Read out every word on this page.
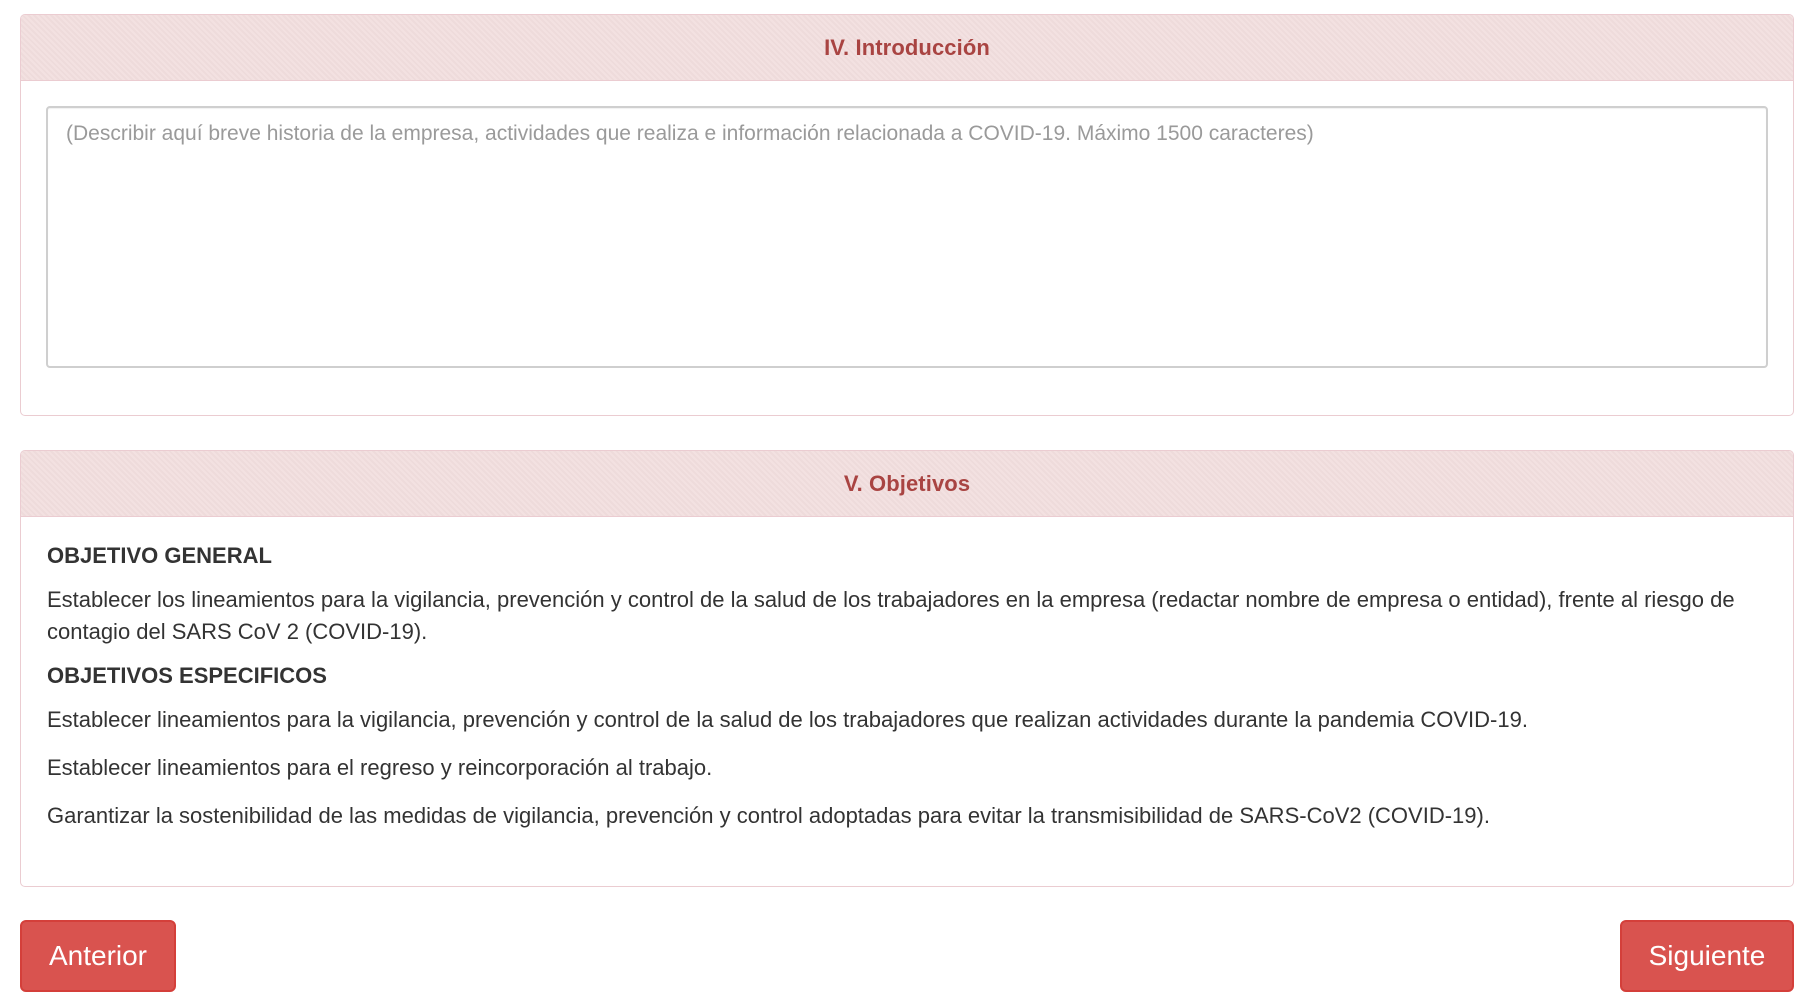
IV. Introducción
(Describir aquí breve historia de la empresa, actividades que realiza e información relacionada a COVID-19. Máximo 1500 caracteres)
V. Objetivos

OBJETIVO GENERAL

Establecer los lineamientos para la vigilancia, prevención y control de la salud de los trabajadores en la empresa (redactar nombre de empresa o entidad), frente al riesgo de contagio del SARS CoV 2 (COVID-19).

OBJETIVOS ESPECIFICOS

Establecer lineamientos para la vigilancia, prevención y control de la salud de los trabajadores que realizan actividades durante la pandemia COVID-19.

Establecer lineamientos para el regreso y reincorporación al trabajo.

Garantizar la sostenibilidad de las medidas de vigilancia, prevención y control adoptadas para evitar la transmisibilidad de SARS-CoV2 (COVID-19).

Anterior	Siguiente
